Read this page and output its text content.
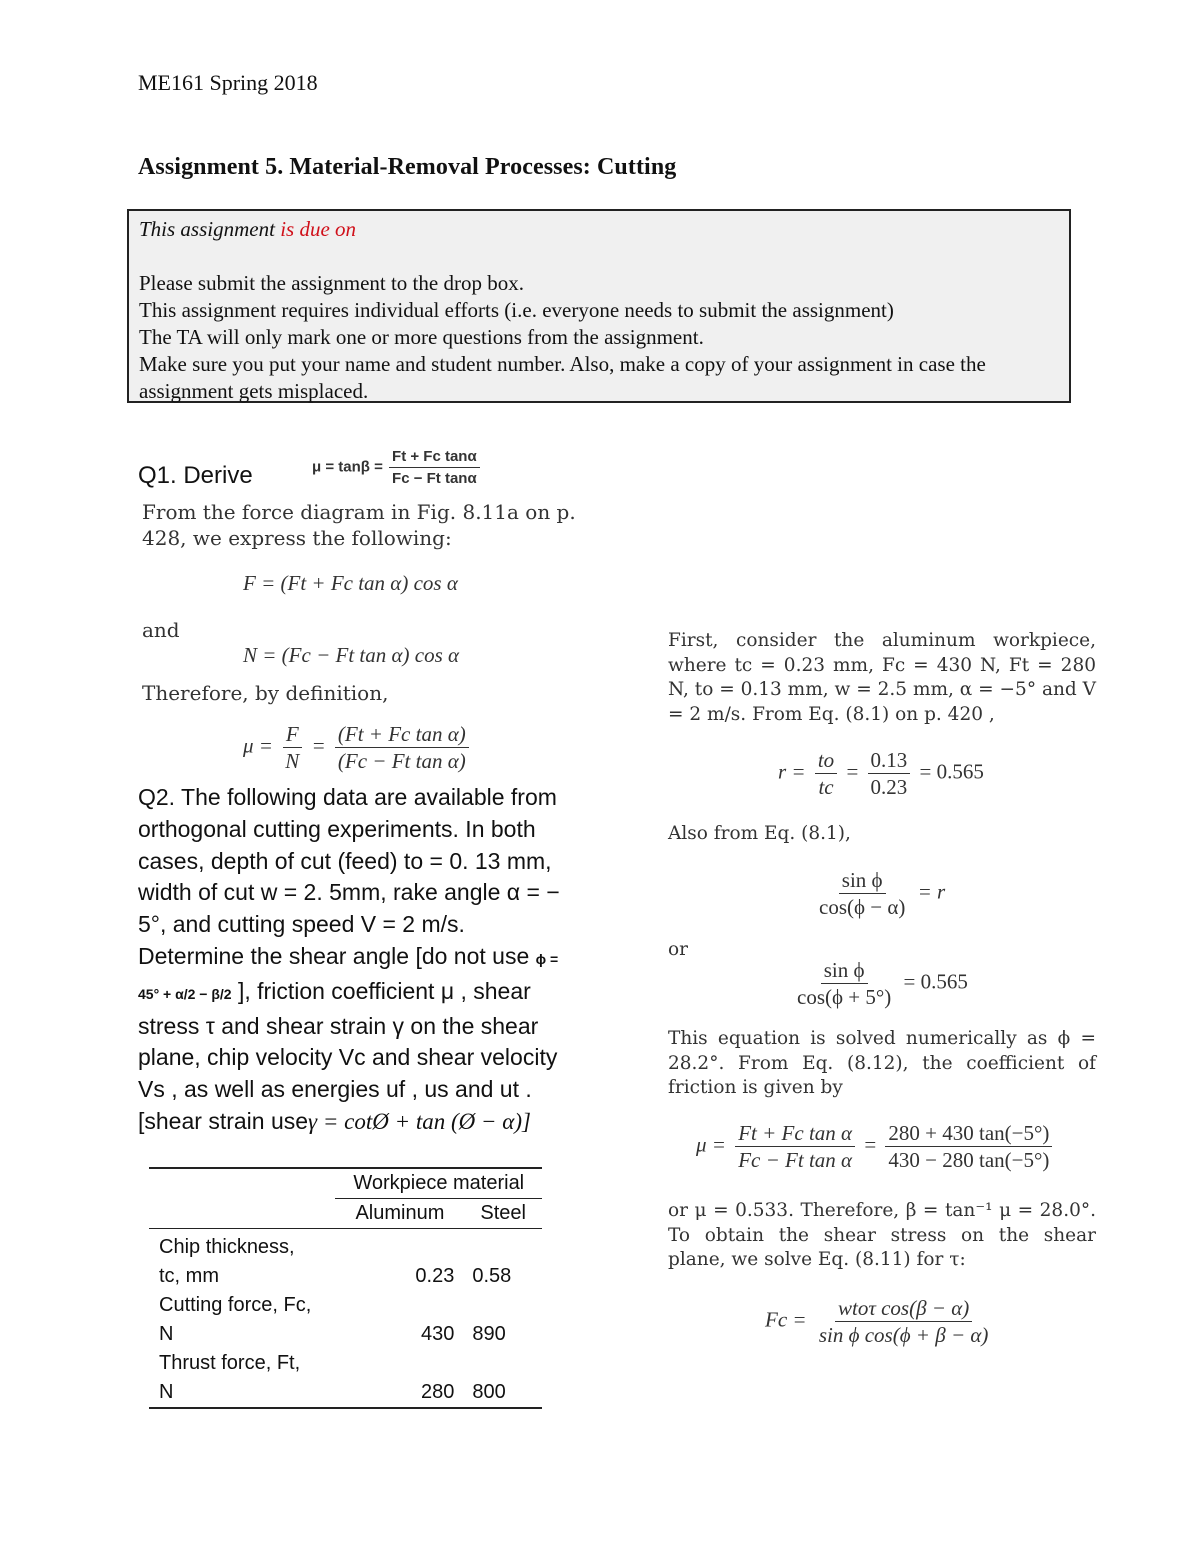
ME161 Spring 2018
Assignment 5. Material-Removal Processes: Cutting
This assignment is due on
Please submit the assignment to the drop box.
This assignment requires individual efforts (i.e. everyone needs to submit the assignment)
The TA will only mark one or more questions from the assignment.
Make sure you put your name and student number. Also, make a copy of your assignment in case the assignment gets misplaced.
Q1. Derive	$\mu = \tan\beta = \frac{\text{Ft + Fc tanα}}{\text{Fc − Ft tanα}}$
From the force diagram in Fig. 8.11a on p. 428, we express the following:
F = (Ft + Fc tan α) cos α
and
N = (Fc − Ft tan α) cos α
Therefore, by definition,
$\mu = \frac{F}{N} = \frac{\text{(Ft + Fc tan α)}}{\text{(Fc − Ft tan α)}}$
Q2. The following data are available from orthogonal cutting experiments. In both cases, depth of cut (feed) to = 0. 13 mm, width of cut w = 2. 5mm, rake angle α = − 5°, and cutting speed V = 2 m/s. Determine the shear angle [do not use ϕ = 45° + α/2 − β/2 ], friction coefficient μ , shear stress τ and shear strain γ on the shear plane, chip velocity Vc and shear velocity Vs , as well as energies uf , us and ut .[shear strain useγ = cotØ + tan (Ø − α)]
	Workpiece material	
	Aluminum	Steel
Chip thickness,
tc, mm	0.23	0.58
Cutting force, Fc,
N	430	890
Thrust force, Ft,
N	280	800
First, consider the aluminum workpiece, where tc = 0.23 mm, Fc = 430 N, Ft = 280 N, to = 0.13 mm, w = 2.5 mm, α = −5° and V = 2 m/s. From Eq. (8.1) on p. 420 ,
$r = \frac{to}{tc} = \frac{0.13}{0.23} = 0.565$
Also from Eq. (8.1),
$\frac{\text{sin ϕ}}{\cos(\phi - \alpha)} = r$
or
$\frac{\text{sin ϕ}}{\cos(\phi + 5^\circ)} = 0.565$
This equation is solved numerically as ϕ = 28.2°. From Eq. (8.12), the coefficient of friction is given by
$\mu = \frac{\text{Ft + Fc tan α}}{\text{Fc − Ft tan α}} = \frac{280 + 430 \tan(-5^\circ)}{430 - 280 \tan(-5^\circ)}$
or μ = 0.533. Therefore, β = tan⁻¹ μ = 28.0°. To obtain the shear stress on the shear plane, we solve Eq. (8.11) for τ:
$Fc = \frac{\text{wtoτ cos(β − α)}}{\text{sin ϕ cos(ϕ + β − α)}}$
